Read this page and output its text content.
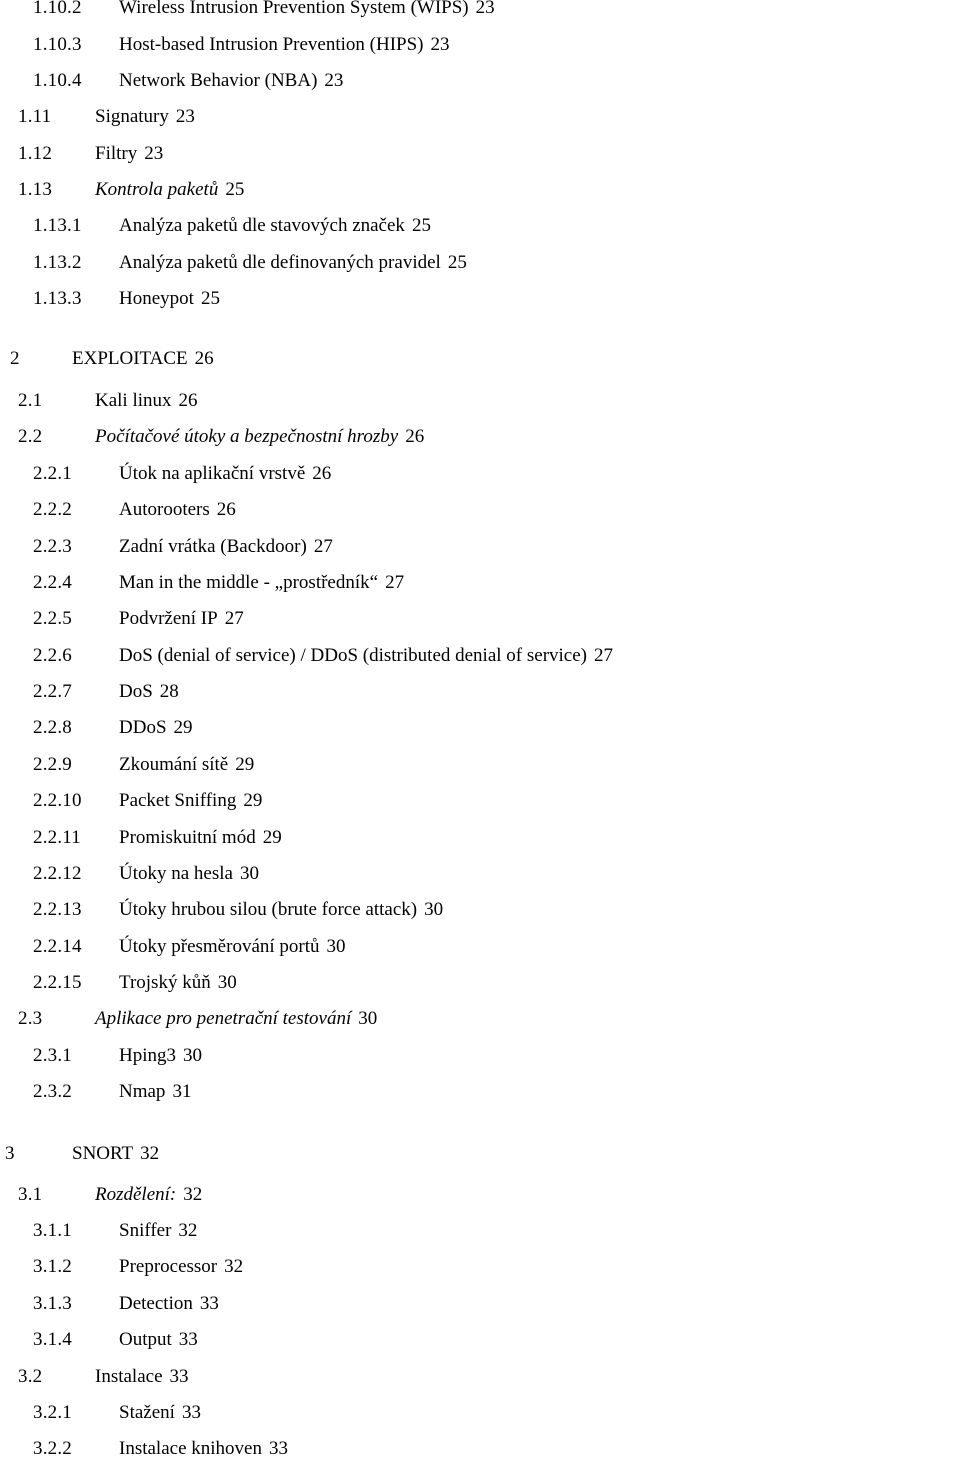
1.10.2 Wireless Intrusion Prevention System (WIPS) 23
1.10.3 Host-based Intrusion Prevention (HIPS) 23
1.10.4 Network Behavior (NBA) 23
1.11 Signatury 23
1.12 Filtry 23
1.13 Kontrola paketů 25
1.13.1 Analýza paketů dle stavových značek 25
1.13.2 Analýza paketů dle definovaných pravidel 25
1.13.3 Honeypot 25
2	EXPLOITACE 26
2.1	Kali linux 26
2.2	Počítačové útoky a bezpečnostní hrozby 26
2.2.1 Útok na aplikační vrstvě 26
2.2.2 Autorooters 26
2.2.3 Zadní vrátka (Backdoor) 27
2.2.4 Man in the middle - „prostředník“ 27
2.2.5 Podvržení IP 27
2.2.6 DoS (denial of service) / DDoS (distributed denial of service) 27
2.2.7 DoS 28
2.2.8 DDoS 29
2.2.9 Zkoumání sítě 29
2.2.10 Packet Sniffing 29
2.2.11 Promiskuitní mód 29
2.2.12 Útoky na hesla 30
2.2.13 Útoky hrubou silou (brute force attack) 30
2.2.14 Útoky přesměrování portů 30
2.2.15 Trojský kůň 30
2.3	Aplikace pro penetrační testování 30
2.3.1 Hping3 30
2.3.2 Nmap 31
3	SNORT 32
3.1	Rozdělení: 32
3.1.1 Sniffer 32
3.1.2 Preprocessor 32
3.1.3 Detection 33
3.1.4 Output 33
3.2	Instalace 33
3.2.1 Stažení 33
3.2.2 Instalace knihoven 33
